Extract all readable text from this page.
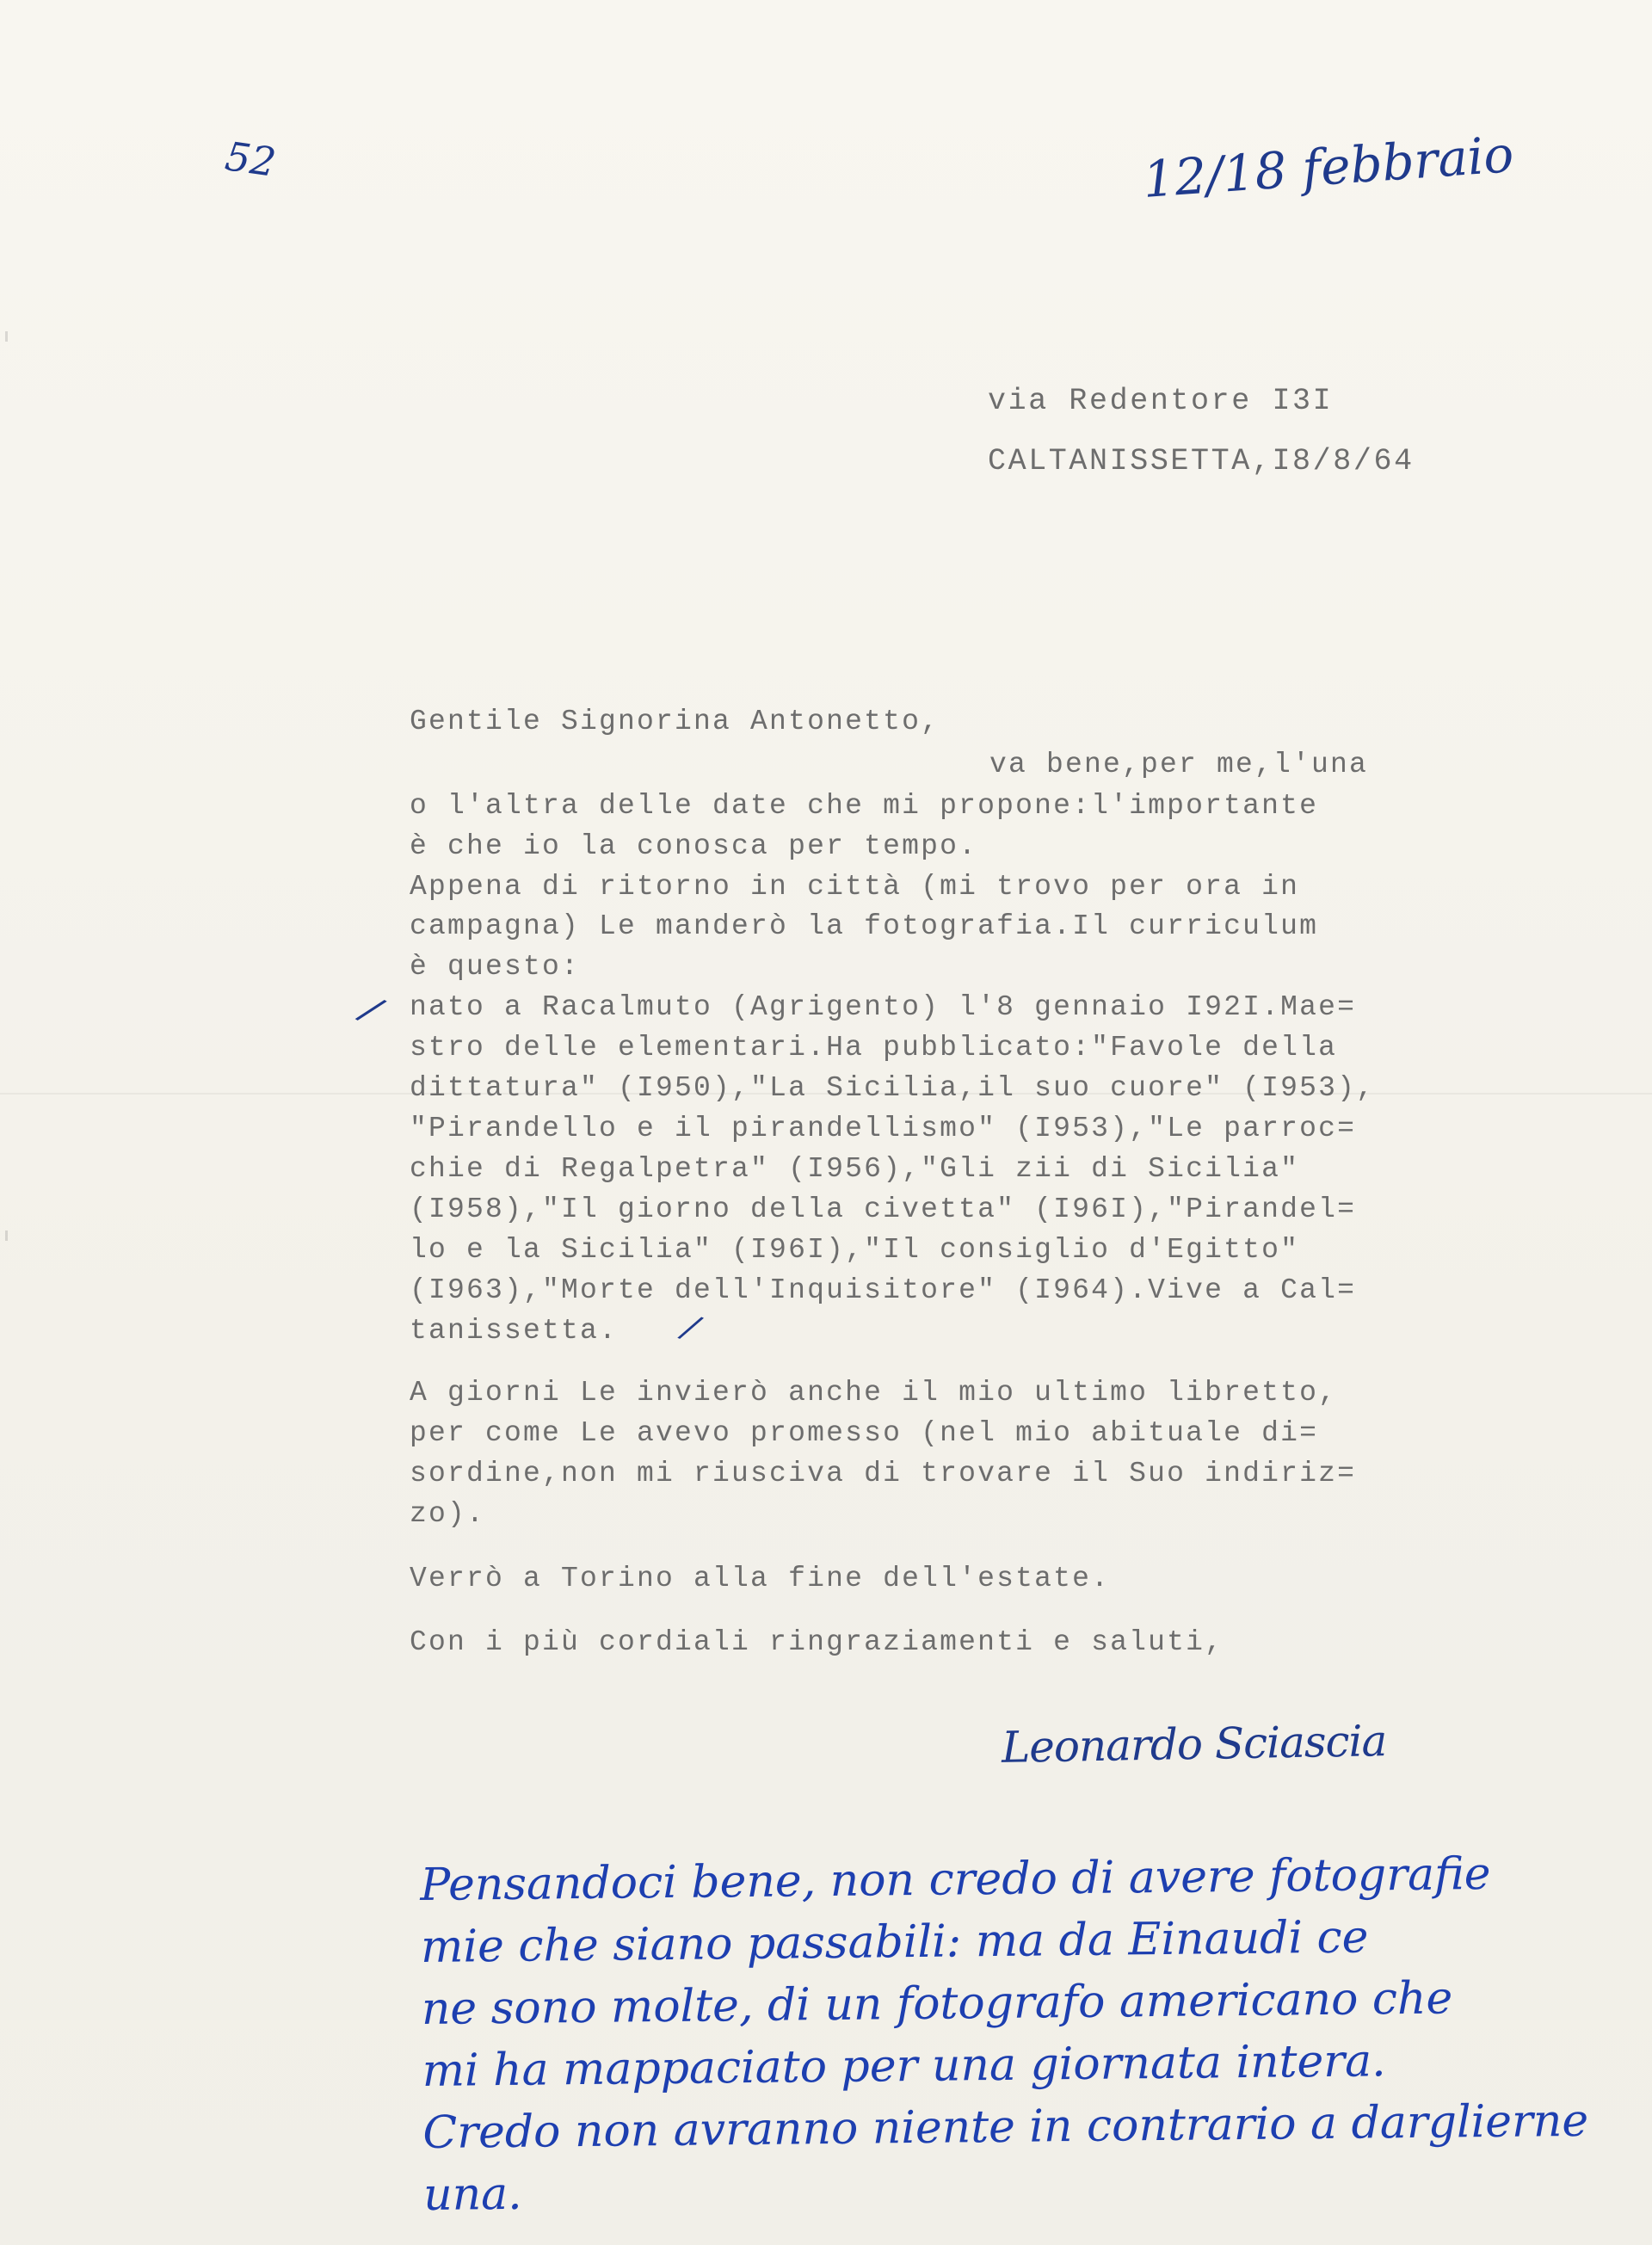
52	12/18 febbraio
via Redentore I3I
CALTANISSETTA,I8/8/64
Gentile Signorina Antonetto,
va bene,per me,l'una
o l'altra delle date che mi propone:l'importante
è che io la conosca per tempo.
Appena di ritorno in città (mi trovo per ora in
campagna) Le manderò la fotografia.Il curriculum
è questo:
/ nato a Racalmuto (Agrigento) l'8 gennaio I92I.Mae=
stro delle elementari.Ha pubblicato:"Favole della
dittatura" (I950),"La Sicilia,il suo cuore" (I953),
"Pirandello e il pirandellismo" (I953),"Le parroc=
chie di Regalpetra" (I956),"Gli zii di Sicilia"
(I958),"Il giorno della civetta" (I96I),"Pirandel=
lo e la Sicilia" (I96I),"Il consiglio d'Egitto"
(I963),"Morte dell'Inquisitore" (I964).Vive a Cal=
tanissetta. /
A giorni Le invierò anche il mio ultimo libretto,
per come Le avevo promesso (nel mio abituale di=
sordine,non mi riusciva di trovare il Suo indiriz=
zo).
Verrò a Torino alla fine dell'estate.
Con i più cordiali ringraziamenti e saluti,
Leonardo Sciascia
Pensandoci bene, non credo di avere fotografie
mie che siano passabili: ma da Einaudi ce
ne sono molte, di un fotografo americano che
mi ha mappaciato per una giornata intera.
Credo non avranno niente in contrario a darglierne
una.
